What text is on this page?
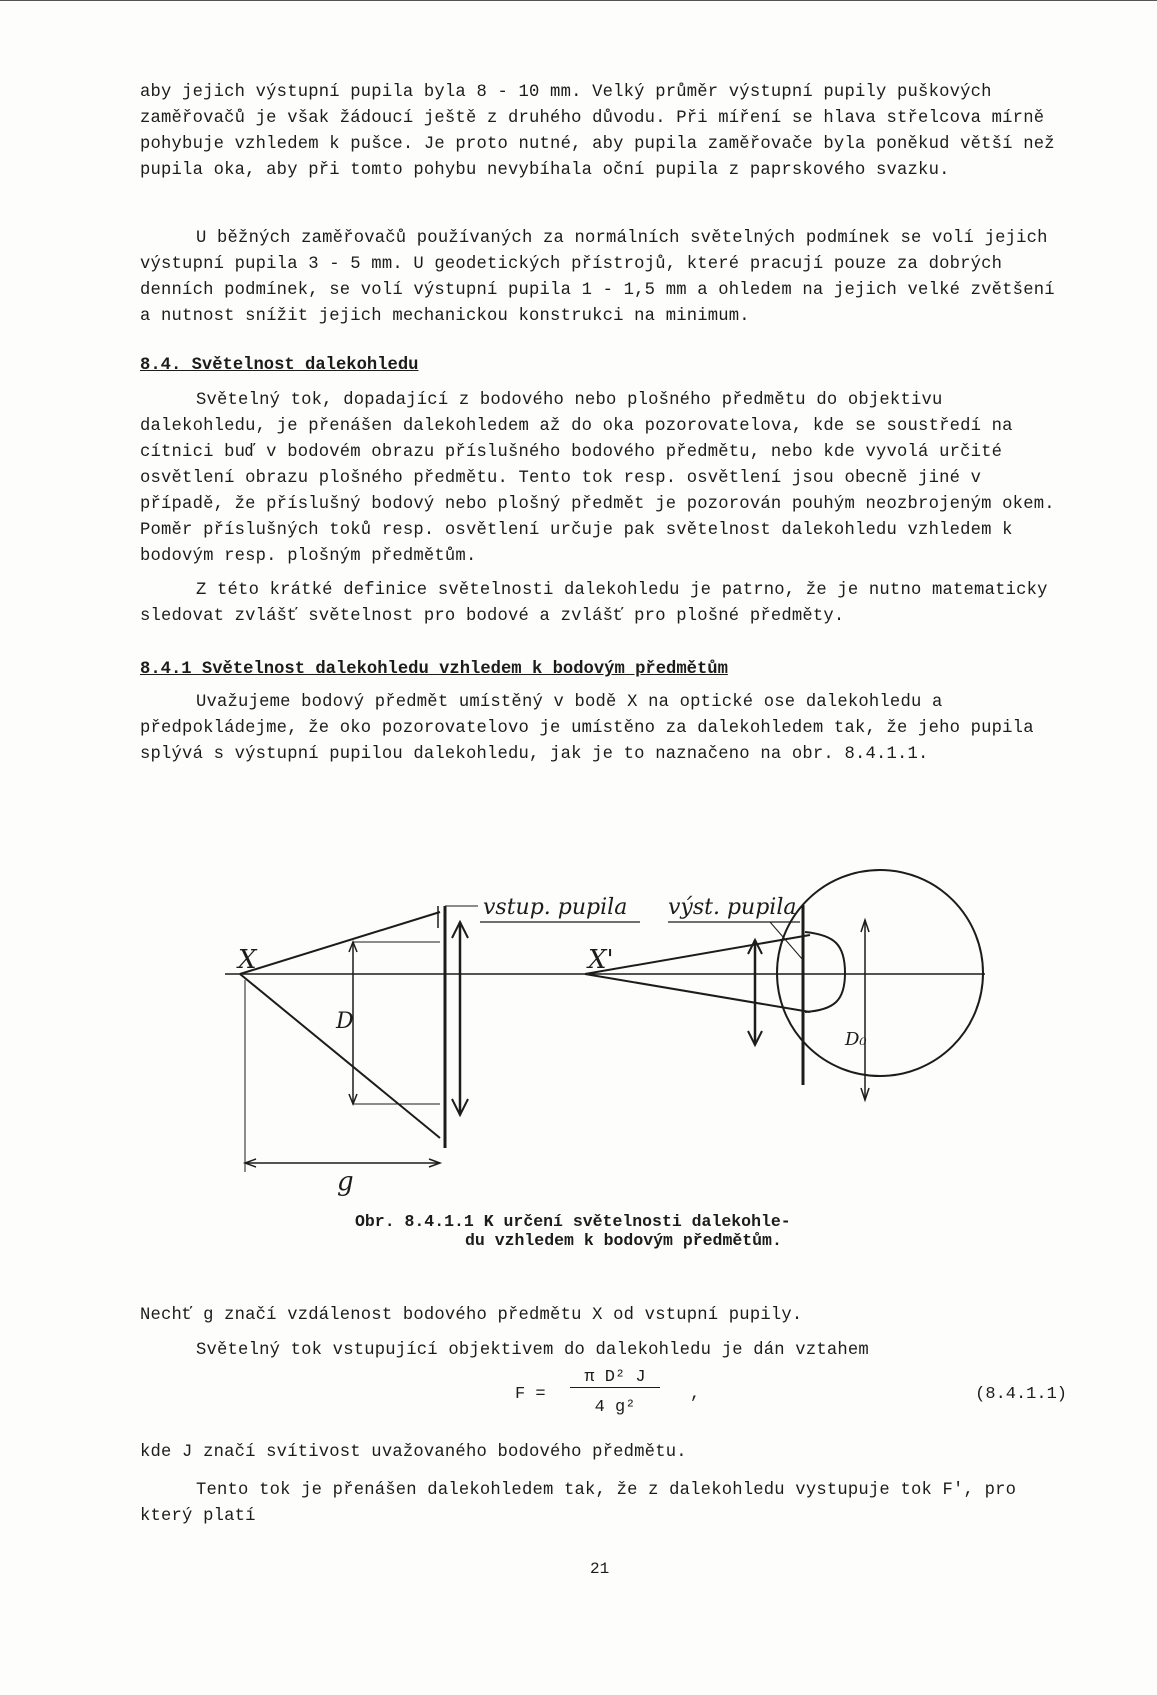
aby jejich výstupní pupila byla 8 - 10 mm. Velký průměr výstupní pupily puškových zaměřovačů je však žádoucí ještě z druhého důvodu. Při míření se hlava střelcova mírně pohybuje vzhledem k pušce. Je proto nutné, aby pupila zaměřovače byla poněkud větší než pupila oka, aby při tomto pohybu nevybíhala oční pupila z paprskového svazku.

U běžných zaměřovačů používaných za normálních světelných podmínek se volí jejich výstupní pupila 3 - 5 mm. U geodetických přístrojů, které pracují pouze za dobrých denních podmínek, se volí výstupní pupila 1 - 1,5 mm a ohledem na jejich velké zvětšení a nutnost snížit jejich mechanickou konstrukci na minimum.

8.4. Světelnost dalekohledu

Světelný tok, dopadající z bodového nebo plošného předmětu do objektivu dalekohledu, je přenášen dalekohledem až do oka pozorovatelova, kde se soustředí na cítnici buď v bodovém obrazu příslušného bodového předmětu, nebo kde vyvolá určité osvětlení obrazu plošného předmětu. Tento tok resp. osvětlení jsou obecně jiné v případě, že příslušný bodový nebo plošný předmět je pozorován pouhým neozbrojeným okem. Poměr příslušných toků resp. osvětlení určuje pak světelnost dalekohledu vzhledem k bodovým resp. plošným předmětům.

Z této krátké definice světelnosti dalekohledu je patrno, že je nutno matematicky sledovat zvlášť světelnost pro bodové a zvlášť pro plošné předměty.

8.4.1 Světelnost dalekohledu vzhledem k bodovým předmětům

Uvažujeme bodový předmět umístěný v bodě X na optické ose dalekohledu a předpokládejme, že oko pozorovatelovo je umístěno za dalekohledem tak, že jeho pupila splývá s výstupní pupilou dalekohledu, jak je to naznačeno na obr. 8.4.1.1.

vstup. pupila výst. pupila
X	X'
D
D₀
g
Obr. 8.4.1.1 K určení světelnosti dalekohle-
du vzhledem k bodovým předmětům.

Nechť g značí vzdálenost bodového předmětu X od vstupní pupily.

Světelný tok vstupující objektivem do dalekohledu je dán vztahem

F =
π D² J
4 g²
,	(8.4.1.1)

kde J značí svítivost uvažovaného bodového předmětu.

Tento tok je přenášen dalekohledem tak, že z dalekohledu vystupuje tok F', pro který platí

21
